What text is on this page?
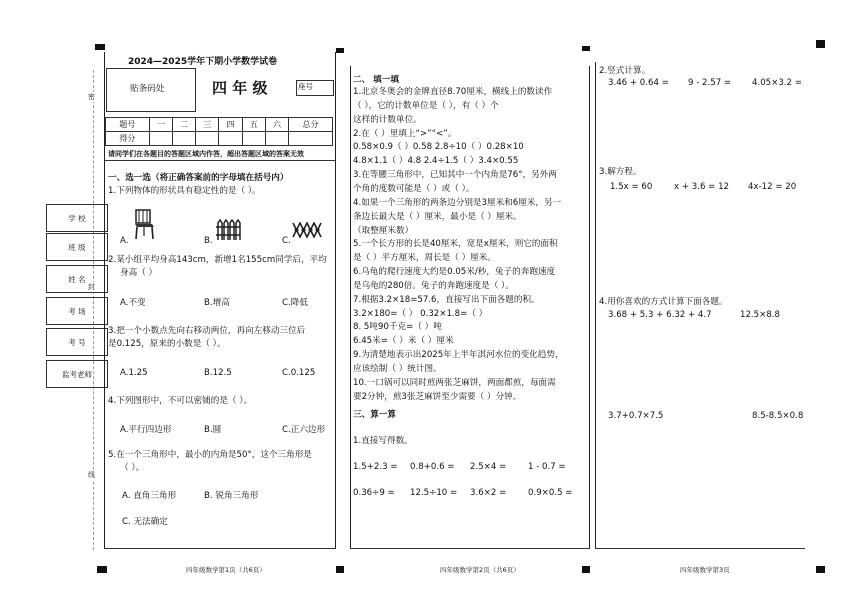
密
封
线
学 校
班 级
姓 名
考 场
考 号
监考老师
2024—2025学年下期小学数学试卷
贴条码处	四 年 级	座号
题号	一	二	三	四	五	六	总分
得分							
请同学们在各题目的答题区域内作答，超出答题区域的答案无效
一、选一选（将正确答案前的字母填在括号内）
1.下列物体的形状具有稳定性的是（ ）。
A.	B.	C.
2.某小组平均身高143cm，新增1名155cm同学后，平均
身高（ ）
A.不变	B.增高	C.降低
3.把一个小数点先向右移动两位，再向左移动三位后
是0.125，原来的小数是（ ）。
A.1.25	B.12.5	C.0.125
4.下列图形中，不可以密铺的是（ ）。
A.平行四边形	B.圆	C.正六边形
5.在一个三角形中，最小的内角是50°，这个三角形是
（ ）。
A. 直角三角形	B. 锐角三角形
C. 无法确定
二、 填一填
1.北京冬奥会的金牌直径8.70厘米，横线上的数读作
（ ），它的计数单位是（ ），有（ ）个
这样的计数单位。
2.在（ ）里填上“>”“<”。
0.58×0.9（ ）0.58 2.8÷10（ ）0.28×10
4.8×1.1（ ）4.8 2.4÷1.5（ ）3.4×0.55
3.在等腰三角形中，已知其中一个内角是76°，另外两
个角的度数可能是（ ）或（ ）。
4.如果一个三角形的两条边分别是3厘米和6厘米，另一
条边长最大是（ ）厘米，最小是（ ）厘米。
（取整厘米数）
5.一个长方形的长是40厘米，宽是x厘米，则它的面积
是（ ）平方厘米，周长是（ ）厘米。
6.乌龟的爬行速度大约是0.05米/秒，兔子的奔跑速度
是乌龟的280倍。兔子的奔跑速度是（ ）。
7.根据3.2×18=57.6，直接写出下面各题的积。
3.2×180=（ ） 0.32×1.8=（ ）
8. 5吨90千克=（ ）吨
6.45米=（ ）米（ ）厘米
9.为清楚地表示出2025年上半年淇河水位的变化趋势，
应该绘制（ ）统计图。
10.一口锅可以同时煎两张芝麻饼，两面都煎，每面需
要2分钟，煎3张芝麻饼至少需要（ ）分钟。
三、算一算
1.直接写得数。
1.5+2.3 = 0.8+0.6 = 2.5×4 =	1 - 0.7 =
0.36÷9 = 12.5÷10 = 3.6×2 =	0.9×0.5 =
2.竖式计算。
3.46 + 0.64 = 9 - 2.57 = 4.05×3.2 =
3.解方程。
1.5x = 60	x + 3.6 = 12 4x-12 = 20
4.用你喜欢的方式计算下面各题。
3.68 + 5.3 + 6.32 + 4.7	12.5×8.8
3.7+0.7×7.5	8.5-8.5×0.8
四年级数学第1页（共6页）	四年级数学第2页（共6页）	四年级数学第3页
